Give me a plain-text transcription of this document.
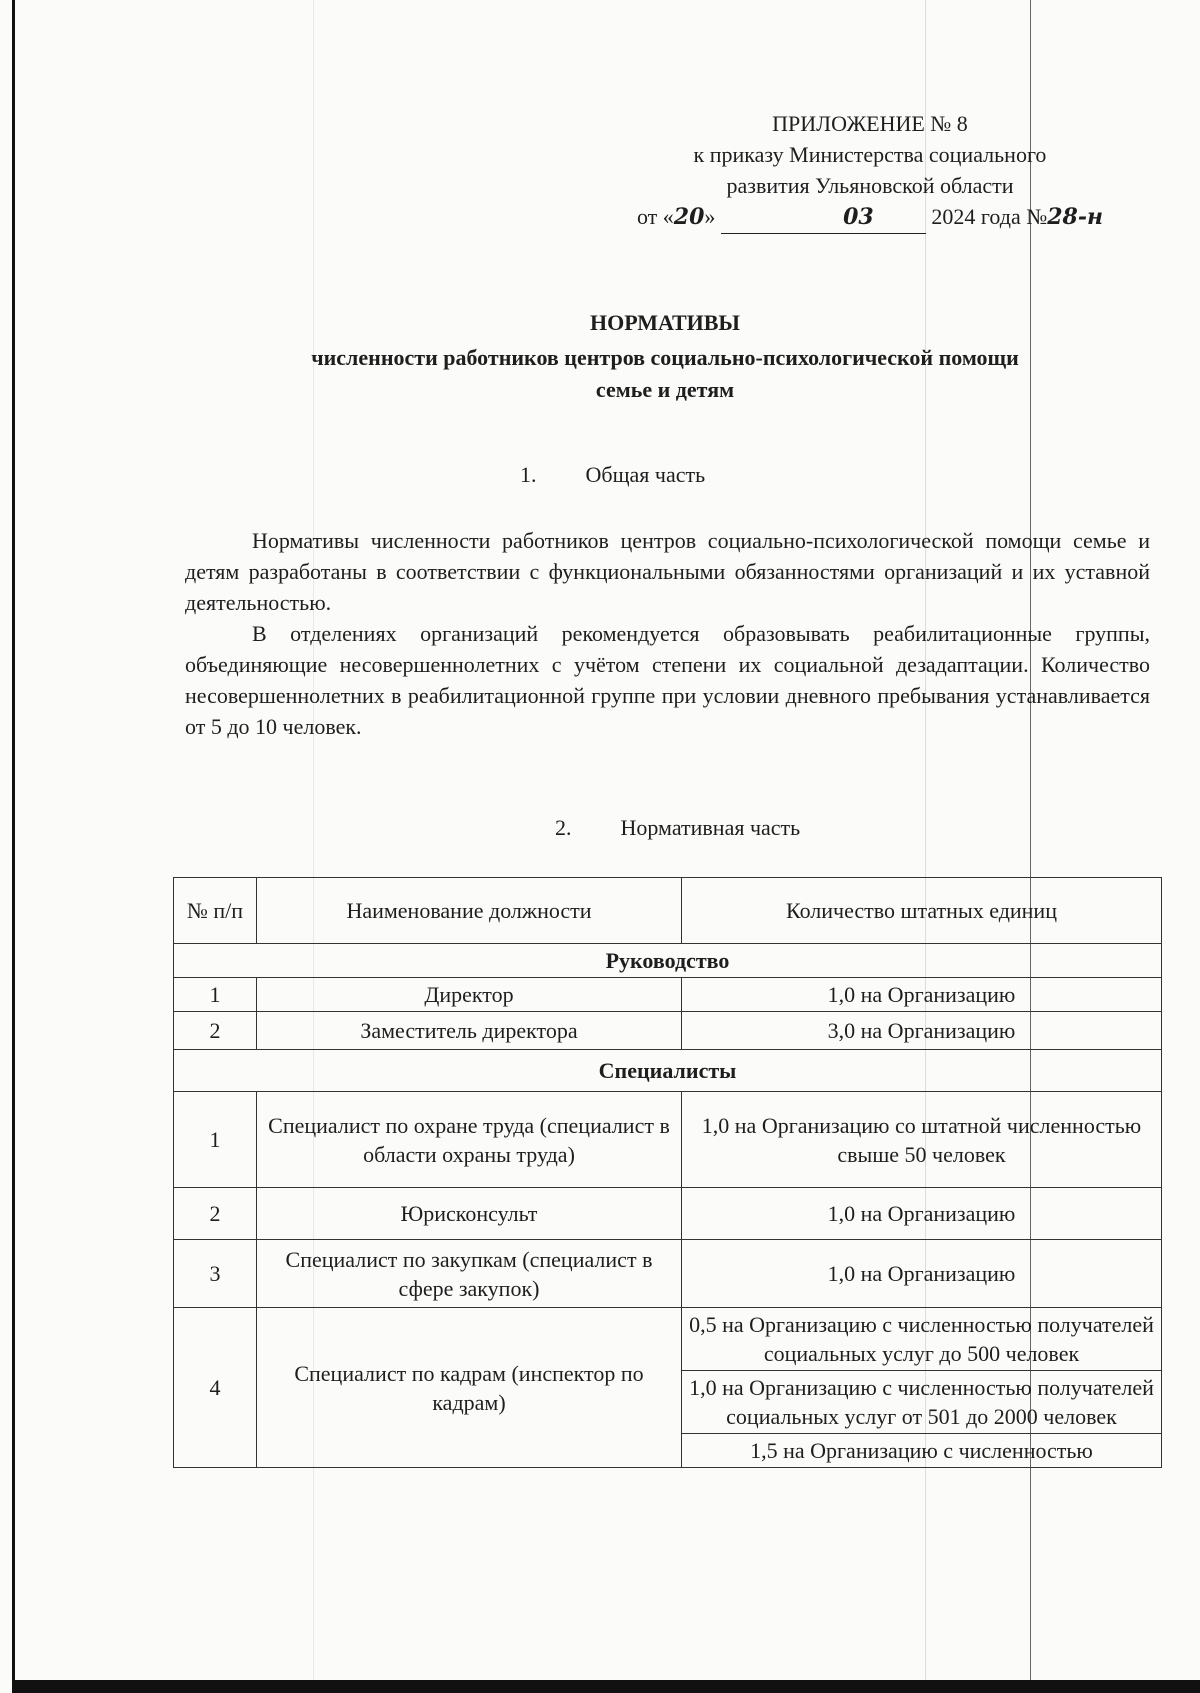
ПРИЛОЖЕНИЕ № 8
к приказу Министерства социального
развития Ульяновской области
от «20»	03	2024 года №28-н
НОРМАТИВЫ
численности работников центров социально-психологической помощи
семье и детям
1. Общая часть
Нормативы численности работников центров социально-психологической помощи семье и детям разработаны в соответствии с функциональными обязанностями организаций и их уставной деятельностью.
В отделениях организаций рекомендуется образовывать реабилитационные группы, объединяющие несовершеннолетних с учётом степени их социальной дезадаптации. Количество несовершеннолетних в реабилитационной группе при условии дневного пребывания устанавливается от 5 до 10 человек.
2. Нормативная часть
№ п/п	Наименование должности	Количество штатных единиц
Руководство		
1	Директор	1,0 на Организацию
2	Заместитель директора	3,0 на Организацию
Специалисты		
1	Специалист по охране труда (специалист в области охраны труда)	1,0 на Организацию со штатной численностью свыше 50 человек
2	Юрисконсульт	1,0 на Организацию
3	Специалист по закупкам (специалист в сфере закупок)	1,0 на Организацию
4	Специалист по кадрам (инспектор по кадрам)	0,5 на Организацию с численностью получателей социальных услуг до 500 человек
		1,0 на Организацию с численностью получателей социальных услуг от 501 до 2000 человек
		1,5 на Организацию с численностью
